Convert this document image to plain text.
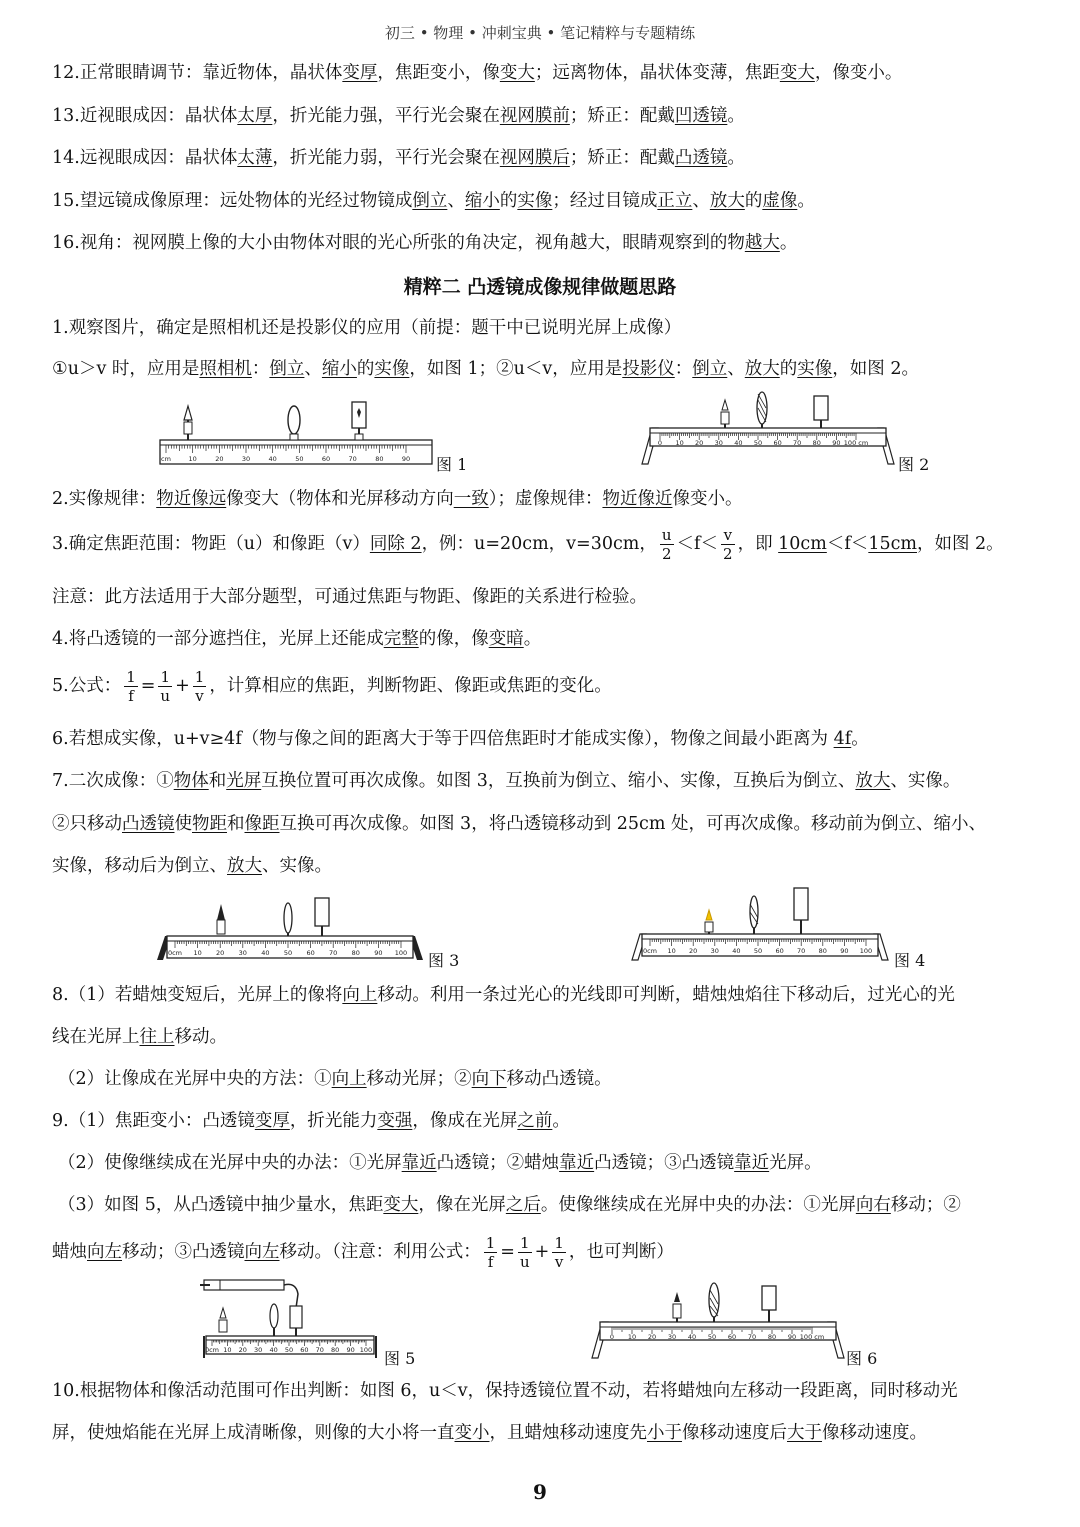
初三 • 物理 • 冲刺宝典 • 笔记精粹与专题精练
12.正常眼睛调节：靠近物体，晶状体变厚，焦距变小，像变大；远离物体，晶状体变薄，焦距变大，像变小。
13.近视眼成因：晶状体太厚，折光能力强，平行光会聚在视网膜前；矫正：配戴凹透镜。
14.远视眼成因：晶状体太薄，折光能力弱，平行光会聚在视网膜后；矫正：配戴凸透镜。
15.望远镜成像原理：远处物体的光经过物镜成倒立、缩小的实像；经过目镜成正立、放大的虚像。
16.视角：视网膜上像的大小由物体对眼的光心所张的角决定，视角越大，眼睛观察到的物越大。
精粹二 凸透镜成像规律做题思路
1.观察图片，确定是照相机还是投影仪的应用（前提：题干中已说明光屏上成像）
①u＞v 时，应用是照相机：倒立、缩小的实像，如图 1；②u＜v，应用是投影仪：倒立、放大的实像，如图 2。
cm	10	20	30	40	50	60	70	80	90 图 1
0 10 20 30 40 50 60 70 80 90 100 cm
图 2
2.实像规律：物近像远像变大（物体和光屏移动方向一致）；虚像规律：物近像近像变小。
3.确定焦距范围：物距（u）和像距（v）同除 2，例：u=20cm，v=30cm， $\frac{u}{2} <f< \frac{v}{2}$ ，即 10cm＜f＜15cm，如图 2。
注意：此方法适用于大部分题型，可通过焦距与物距、像距的关系进行检验。
4.将凸透镜的一部分遮挡住，光屏上还能成完整的像，像变暗。
5.公式： $\frac{1}{f} = \frac{1}{u} + \frac{1}{v}$ ，计算相应的焦距，判断物距、像距或焦距的变化。
6.若想成实像，u+v≥4f（物与像之间的距离大于等于四倍焦距时才能成实像），物像之间最小距离为 4f。
7.二次成像：①物体和光屏互换位置可再次成像。如图 3，互换前为倒立、缩小、实像，互换后为倒立、放大、实像。
②只移动凸透镜使物距和像距互换可再次成像。如图 3，将凸透镜移动到 25cm 处，可再次成像。移动前为倒立、缩小、
实像，移动后为倒立、放大、实像。
0cm 10 20 30 40 50 60 70 80 90 100 图 3	0cm 10 20 30 40 50 60 70 80 90 100 图 4
8.（1）若蜡烛变短后，光屏上的像将向上移动。利用一条过光心的光线即可判断，蜡烛烛焰往下移动后，过光心的光
线在光屏上往上移动。
（2）让像成在光屏中央的方法：①向上移动光屏；②向下移动凸透镜。
9.（1）焦距变小：凸透镜变厚，折光能力变强，像成在光屏之前。
（2）使像继续成在光屏中央的办法：①光屏靠近凸透镜；②蜡烛靠近凸透镜；③凸透镜靠近光屏。
（3）如图 5，从凸透镜中抽少量水，焦距变大，像在光屏之后。使像继续成在光屏中央的办法：①光屏向右移动；②
蜡烛向左移动；③凸透镜向左移动。（注意：利用公式： $\frac{1}{f} = \frac{1}{u} + \frac{1}{v}$ ，也可判断）
0cm 10 20 30 40 50 60 70 80 90 100 图 5
0 10 20 30 40 50 60 70 80 90 100 cm
图 6
10.根据物体和像活动范围可作出判断：如图 6，u＜v，保持透镜位置不动，若将蜡烛向左移动一段距离，同时移动光
屏，使烛焰能在光屏上成清晰像，则像的大小将一直变小，且蜡烛移动速度先小于像移动速度后大于像移动速度。
9
